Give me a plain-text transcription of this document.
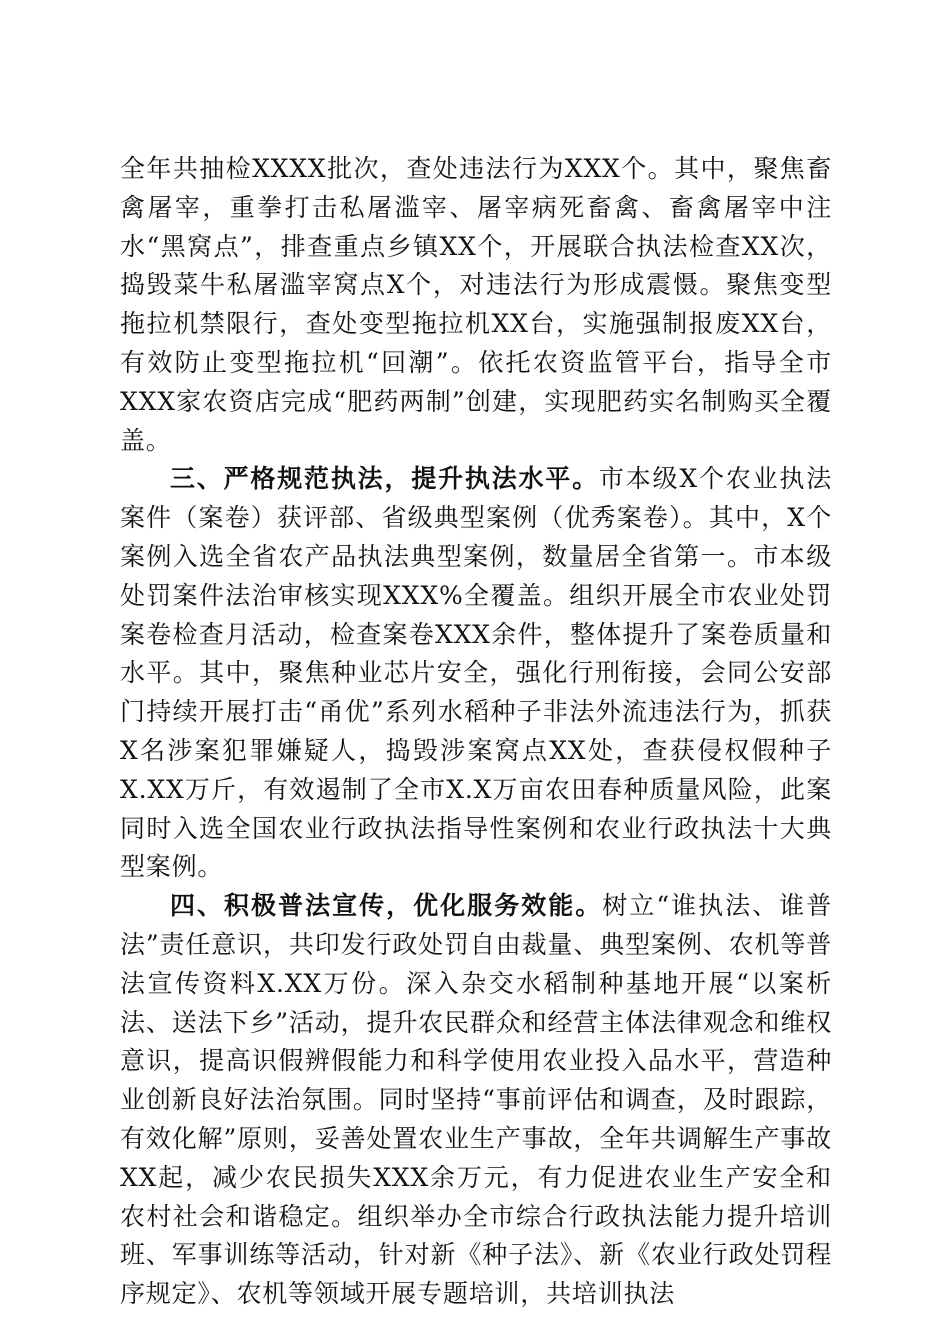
全年共抽检XXXX批次，查处违法行为XXX个。其中，聚焦畜禽屠宰，重拳打击私屠滥宰、屠宰病死畜禽、畜禽屠宰中注水“黑窝点”，排查重点乡镇XX个，开展联合执法检查XX次，捣毁菜牛私屠滥宰窝点X个，对违法行为形成震慑。聚焦变型拖拉机禁限行，查处变型拖拉机XX台，实施强制报废XX台，有效防止变型拖拉机“回潮”。依托农资监管平台，指导全市XXX家农资店完成“肥药两制”创建，实现肥药实名制购买全覆盖。

三、严格规范执法，提升执法水平。市本级X个农业执法案件（案卷）获评部、省级典型案例（优秀案卷）。其中，X个案例入选全省农产品执法典型案例，数量居全省第一。市本级处罚案件法治审核实现XXX%全覆盖。组织开展全市农业处罚案卷检查月活动，检查案卷XXX余件，整体提升了案卷质量和水平。其中，聚焦种业芯片安全，强化行刑衔接，会同公安部门持续开展打击“甬优”系列水稻种子非法外流违法行为，抓获X名涉案犯罪嫌疑人，捣毁涉案窝点XX处，查获侵权假种子X.XX万斤，有效遏制了全市X.X万亩农田春种质量风险，此案同时入选全国农业行政执法指导性案例和农业行政执法十大典型案例。

四、积极普法宣传，优化服务效能。树立“谁执法、谁普法”责任意识，共印发行政处罚自由裁量、典型案例、农机等普法宣传资料X.XX万份。深入杂交水稻制种基地开展“以案析法、送法下乡”活动，提升农民群众和经营主体法律观念和维权意识，提高识假辨假能力和科学使用农业投入品水平，营造种业创新良好法治氛围。同时坚持“事前评估和调查，及时跟踪，有效化解”原则，妥善处置农业生产事故，全年共调解生产事故XX起，减少农民损失XXX余万元，有力促进农业生产安全和农村社会和谐稳定。组织举办全市综合行政执法能力提升培训班、军事训练等活动，针对新《种子法》、新《农业行政处罚程序规定》、农机等领域开展专题培训，共培训执法
